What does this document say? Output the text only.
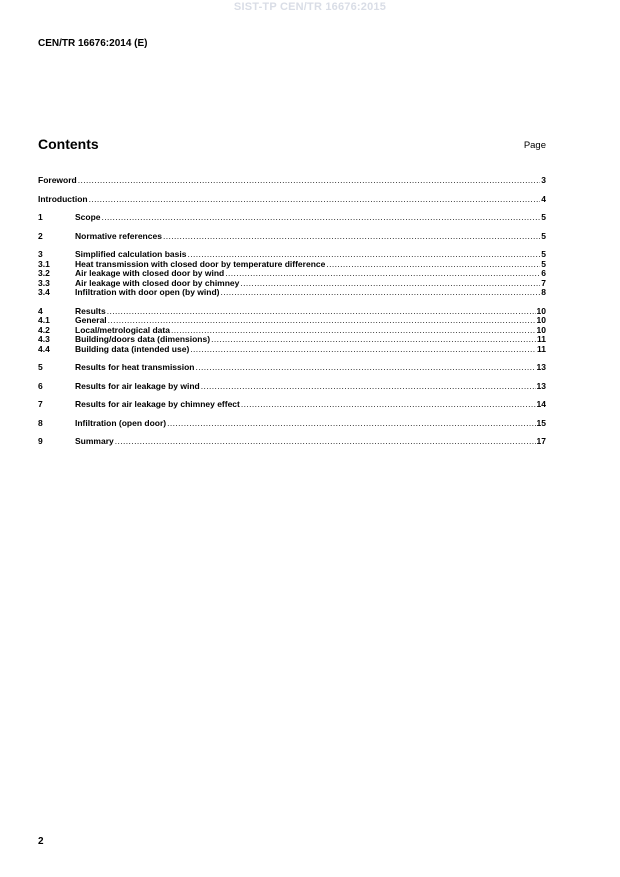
SIST-TP CEN/TR 16676:2015
CEN/TR 16676:2014 (E)
Contents	Page
Foreword .....	3
Introduction .....	4
1	Scope .....	5
2	Normative references .....	5
3	Simplified calculation basis .....	5
3.1	Heat transmission with closed door by temperature difference .....	5
3.2	Air leakage with closed door by wind .....	6
3.3	Air leakage with closed door by chimney .....	7
3.4	Infiltration with door open (by wind) .....	8
4	Results .....	10
4.1	General .....	10
4.2	Local/metrological data .....	10
4.3	Building/doors data (dimensions) .....	11
4.4	Building data (intended use) .....	11
5	Results for heat transmission .....	13
6	Results for air leakage by wind .....	13
7	Results for air leakage by chimney effect .....	14
8	Infiltration (open door) .....	15
9	Summary .....	17
2
